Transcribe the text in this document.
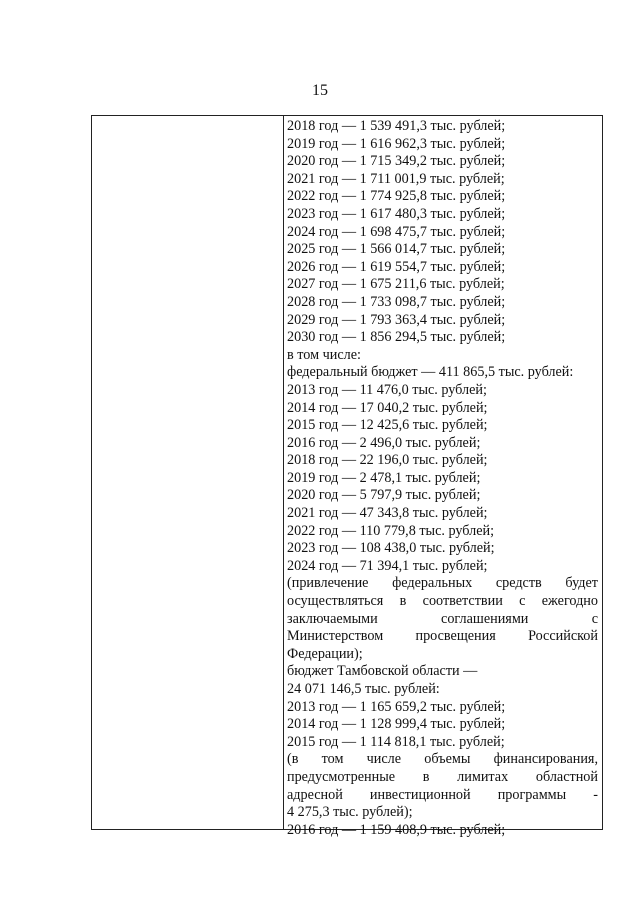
15
2018 год — 1 539 491,3 тыс. рублей;
2019 год — 1 616 962,3 тыс. рублей;
2020 год — 1 715 349,2 тыс. рублей;
2021 год — 1 711 001,9 тыс. рублей;
2022 год — 1 774 925,8 тыс. рублей;
2023 год — 1 617 480,3 тыс. рублей;
2024 год — 1 698 475,7 тыс. рублей;
2025 год — 1 566 014,7 тыс. рублей;
2026 год — 1 619 554,7 тыс. рублей;
2027 год — 1 675 211,6 тыс. рублей;
2028 год — 1 733 098,7 тыс. рублей;
2029 год — 1 793 363,4 тыс. рублей;
2030 год — 1 856 294,5 тыс. рублей;
в том числе:
федеральный бюджет — 411 865,5 тыс. рублей:
2013 год — 11 476,0 тыс. рублей;
2014 год — 17 040,2 тыс. рублей;
2015 год — 12 425,6 тыс. рублей;
2016 год — 2 496,0 тыс. рублей;
2018 год — 22 196,0 тыс. рублей;
2019 год — 2 478,1 тыс. рублей;
2020 год — 5 797,9 тыс. рублей;
2021 год — 47 343,8 тыс. рублей;
2022 год — 110 779,8 тыс. рублей;
2023 год — 108 438,0 тыс. рублей;
2024 год — 71 394,1 тыс. рублей;
(привлечение федеральных средств будет
осуществляться в соответствии с ежегодно
заключаемыми соглашениями с
Министерством просвещения Российской
Федерации);
бюджет Тамбовской области —
24 071 146,5 тыс. рублей:
2013 год — 1 165 659,2 тыс. рублей;
2014 год — 1 128 999,4 тыс. рублей;
2015 год — 1 114 818,1 тыс. рублей;
(в том числе объемы финансирования,
предусмотренные в лимитах областной
адресной инвестиционной программы -
4 275,3 тыс. рублей);
2016 год — 1 159 408,9 тыс. рублей;
